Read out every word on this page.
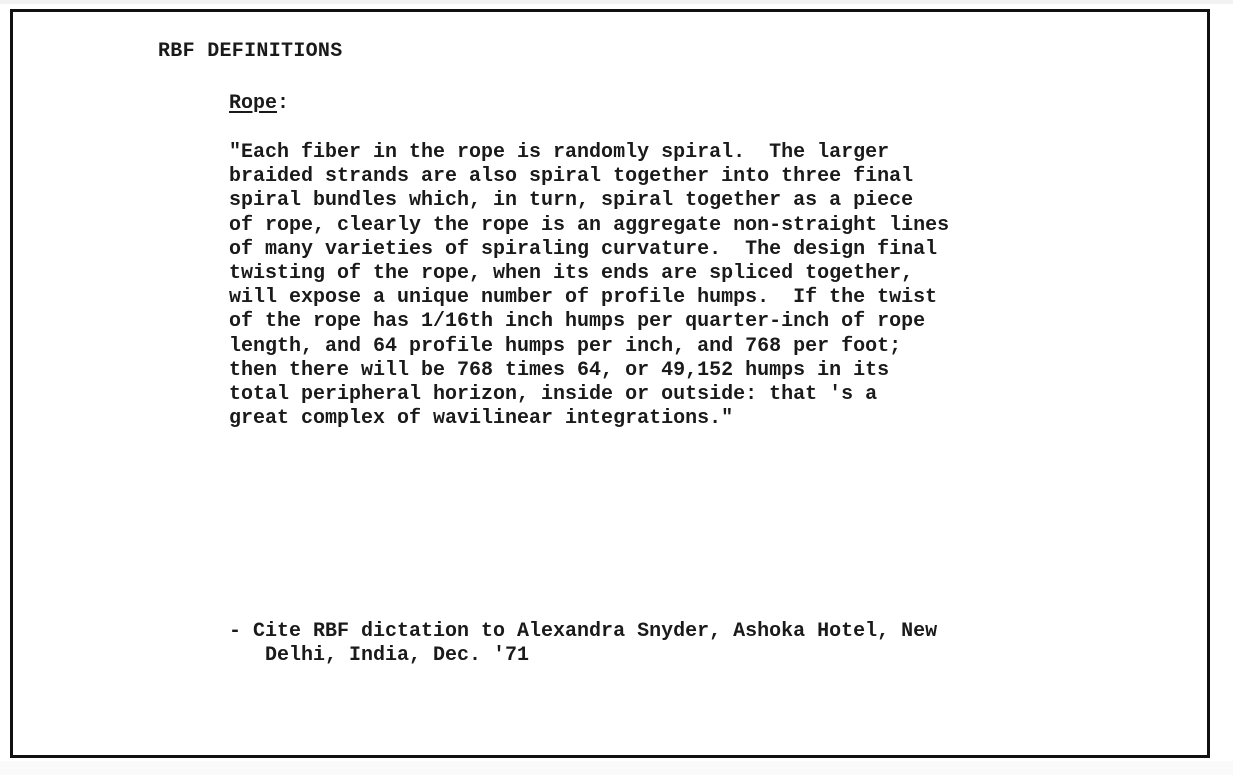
RBF DEFINITIONS
Rope:
"Each fiber in the rope is randomly spiral.  The larger
braided strands are also spiral together into three final
spiral bundles which, in turn, spiral together as a piece
of rope, clearly the rope is an aggregate non-straight lines
of many varieties of spiraling curvature.  The design final
twisting of the rope, when its ends are spliced together,
will expose a unique number of profile humps.  If the twist
of the rope has 1/16th inch humps per quarter-inch of rope
length, and 64 profile humps per inch, and 768 per foot;
then there will be 768 times 64, or 49,152 humps in its
total peripheral horizon, inside or outside: that 's a
great complex of wavilinear integrations."
- Cite RBF dictation to Alexandra Snyder, Ashoka Hotel, New
Delhi, India, Dec. '71
